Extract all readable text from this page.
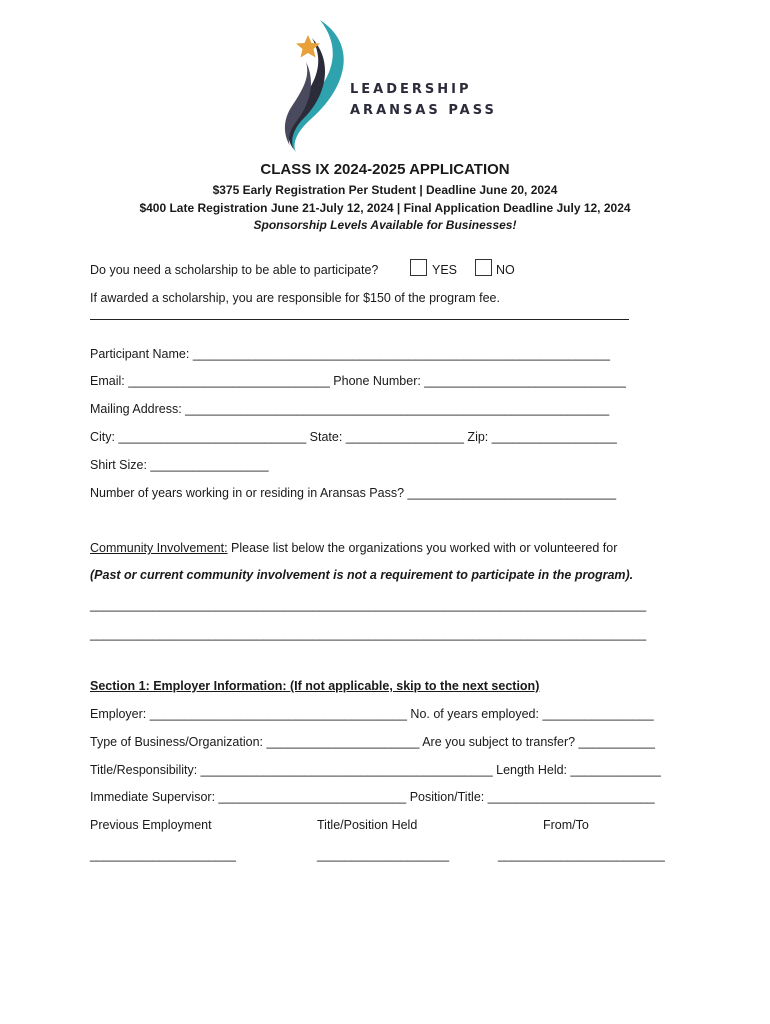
LEADERSHIP
ARANSAS PASS
CLASS IX 2024-2025 APPLICATION
$375 Early Registration Per Student | Deadline June 20, 2024
$400 Late Registration June 21-July 12, 2024 | Final Application Deadline July 12, 2024
Sponsorship Levels Available for Businesses!
Do you need a scholarship to be able to participate?	YES	NO
If awarded a scholarship, you are responsible for $150 of the program fee.
Participant Name: ____________________________________________________________
Email: _____________________________ Phone Number: _____________________________
Mailing Address: _____________________________________________________________
City: ___________________________ State: _________________ Zip: __________________
Shirt Size: _________________
Number of years working in or residing in Aransas Pass? ______________________________
Community Involvement: Please list below the organizations you worked with or volunteered for
(Past or current community involvement is not a requirement to participate in the program).
________________________________________________________________________________
________________________________________________________________________________
Section 1: Employer Information: (If not applicable, skip to the next section)
Employer: _____________________________________ No. of years employed: ________________
Type of Business/Organization: ______________________ Are you subject to transfer? ___________
Title/Responsibility: __________________________________________ Length Held: _____________
Immediate Supervisor: ___________________________ Position/Title: ________________________
Previous Employment	Title/Position Held	From/To
_____________________	___________________	________________________
